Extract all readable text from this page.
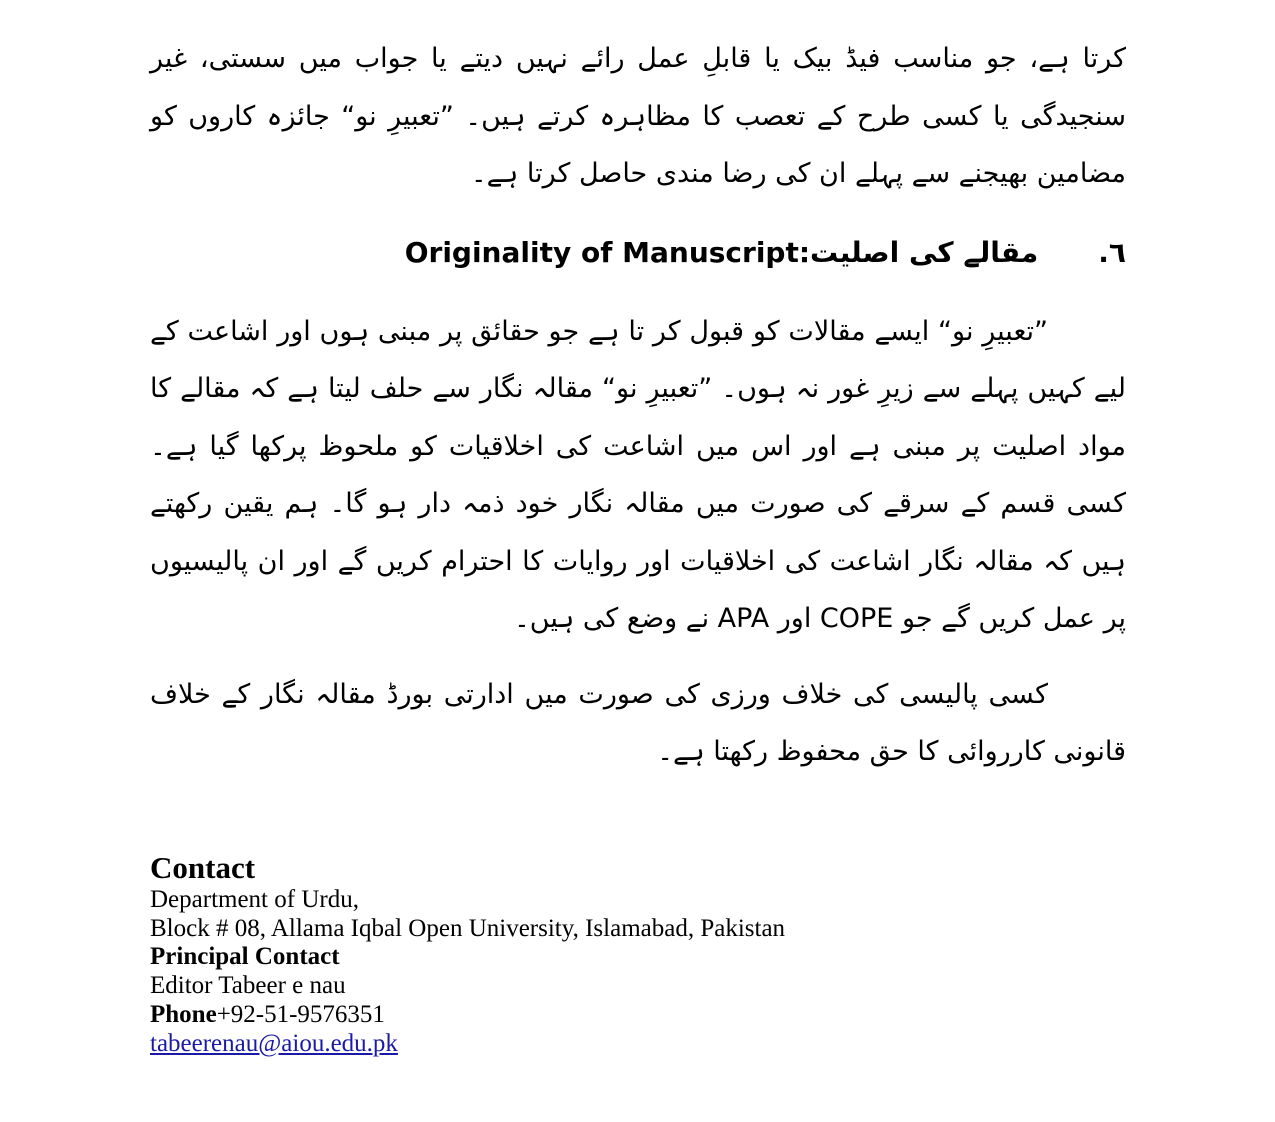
کرتا ہے، جو مناسب فیڈ بیک یا قابلِ عمل رائے نہیں دیتے یا جواب میں سستی، غیر سنجیدگی یا کسی طرح کے تعصب کا مظاہرہ کرتے ہیں۔ ”تعبیرِ نو“ جائزہ کاروں کو مضامین بھیجنے سے پہلے ان کی رضا مندی حاصل کرتا ہے۔

٦. مقالے کی اصلیت:Originality of Manuscript

”تعبیرِ نو“ ایسے مقالات کو قبول کر تا ہے جو حقائق پر مبنی ہوں اور اشاعت کے لیے کہیں پہلے سے زیرِ غور نہ ہوں۔ ”تعبیرِ نو“ مقالہ نگار سے حلف لیتا ہے کہ مقالے کا مواد اصلیت پر مبنی ہے اور اس میں اشاعت کی اخلاقیات کو ملحوظ پرکھا گیا ہے۔ کسی قسم کے سرقے کی صورت میں مقالہ نگار خود ذمہ دار ہو گا۔ ہم یقین رکھتے ہیں کہ مقالہ نگار اشاعت کی اخلاقیات اور روایات کا احترام کریں گے اور ان پالیسیوں پر عمل کریں گے جو COPE اور APA نے وضع کی ہیں۔

کسی پالیسی کی خلاف ورزی کی صورت میں ادارتی بورڈ مقالہ نگار کے خلاف قانونی کارروائی کا حق محفوظ رکھتا ہے۔

Contact
Department of Urdu,
Block # 08, Allama Iqbal Open University, Islamabad, Pakistan
Principal Contact
Editor Tabeer e nau
Phone+92-51-9576351
tabeerenau@aiou.edu.pk
